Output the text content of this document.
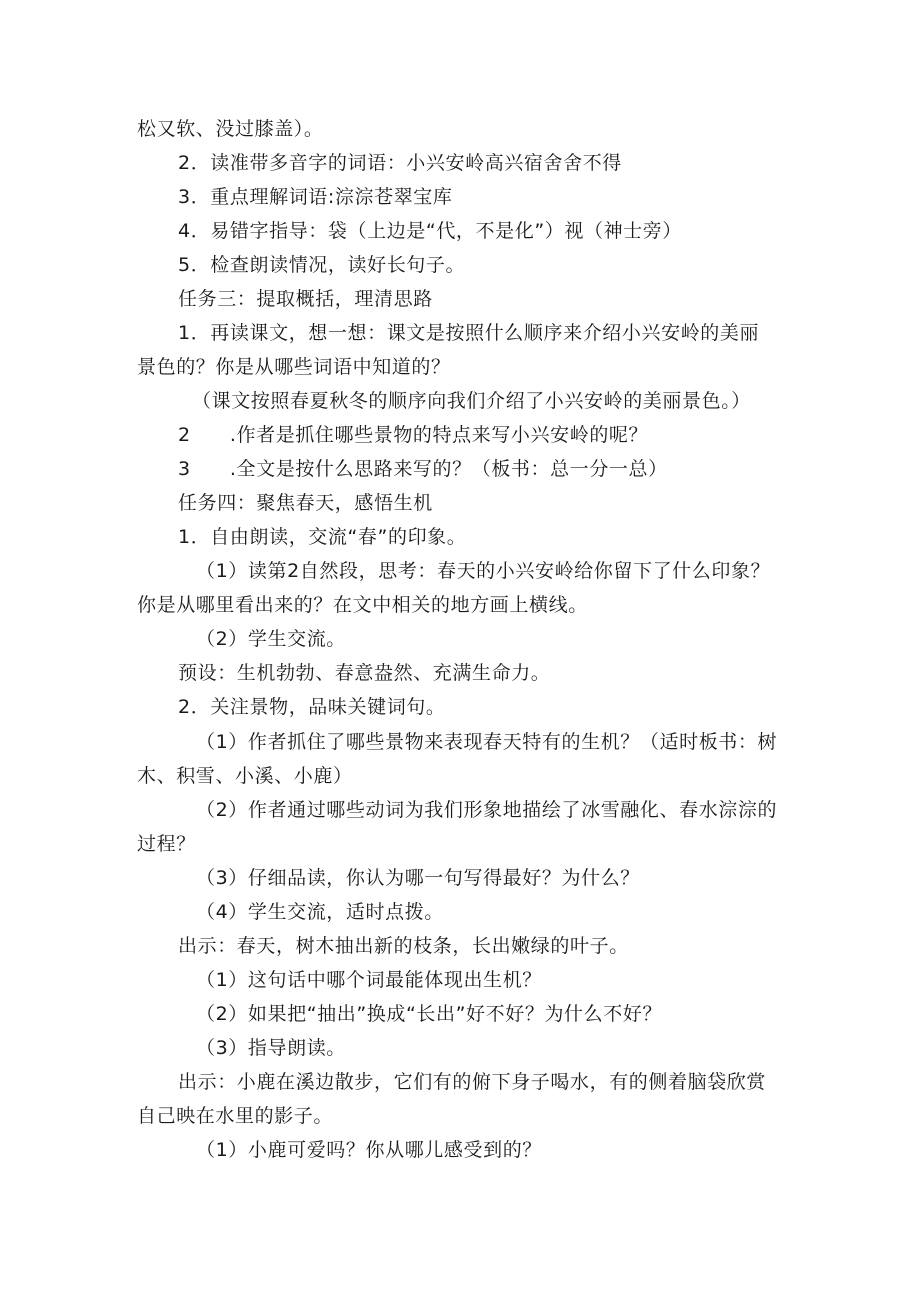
松又软、没过膝盖）。
2．读准带多音字的词语：小兴安岭高兴宿舍舍不得
3．重点理解词语:淙淙苍翠宝库
4．易错字指导：袋（上边是“代，不是化”）视（神士旁）
5．检查朗读情况，读好长句子。
任务三：提取概括，理清思路
1．再读课文，想一想：课文是按照什么顺序来介绍小兴安岭的美丽
景色的？你是从哪些词语中知道的？
（课文按照春夏秋冬的顺序向我们介绍了小兴安岭的美丽景色。）
2　　.作者是抓住哪些景物的特点来写小兴安岭的呢？
3　　.全文是按什么思路来写的？（板书：总一分一总）
任务四：聚焦春天，感悟生机
1．自由朗读，交流“春”的印象。
（1）读第2自然段，思考：春天的小兴安岭给你留下了什么印象？
你是从哪里看出来的？在文中相关的地方画上横线。
（2）学生交流。
预设：生机勃勃、春意盎然、充满生命力。
2．关注景物，品味关键词句。
（1）作者抓住了哪些景物来表现春天特有的生机？（适时板书：树
木、积雪、小溪、小鹿）
（2）作者通过哪些动词为我们形象地描绘了冰雪融化、春水淙淙的
过程？
（3）仔细品读，你认为哪一句写得最好？为什么？
（4）学生交流，适时点拨。
出示：春天，树木抽出新的枝条，长出嫩绿的叶子。
（1）这句话中哪个词最能体现出生机？
（2）如果把“抽出”换成“长出”好不好？为什么不好？
（3）指导朗读。
出示：小鹿在溪边散步，它们有的俯下身子喝水，有的侧着脑袋欣赏
自己映在水里的影子。
（1）小鹿可爱吗？你从哪儿感受到的？
